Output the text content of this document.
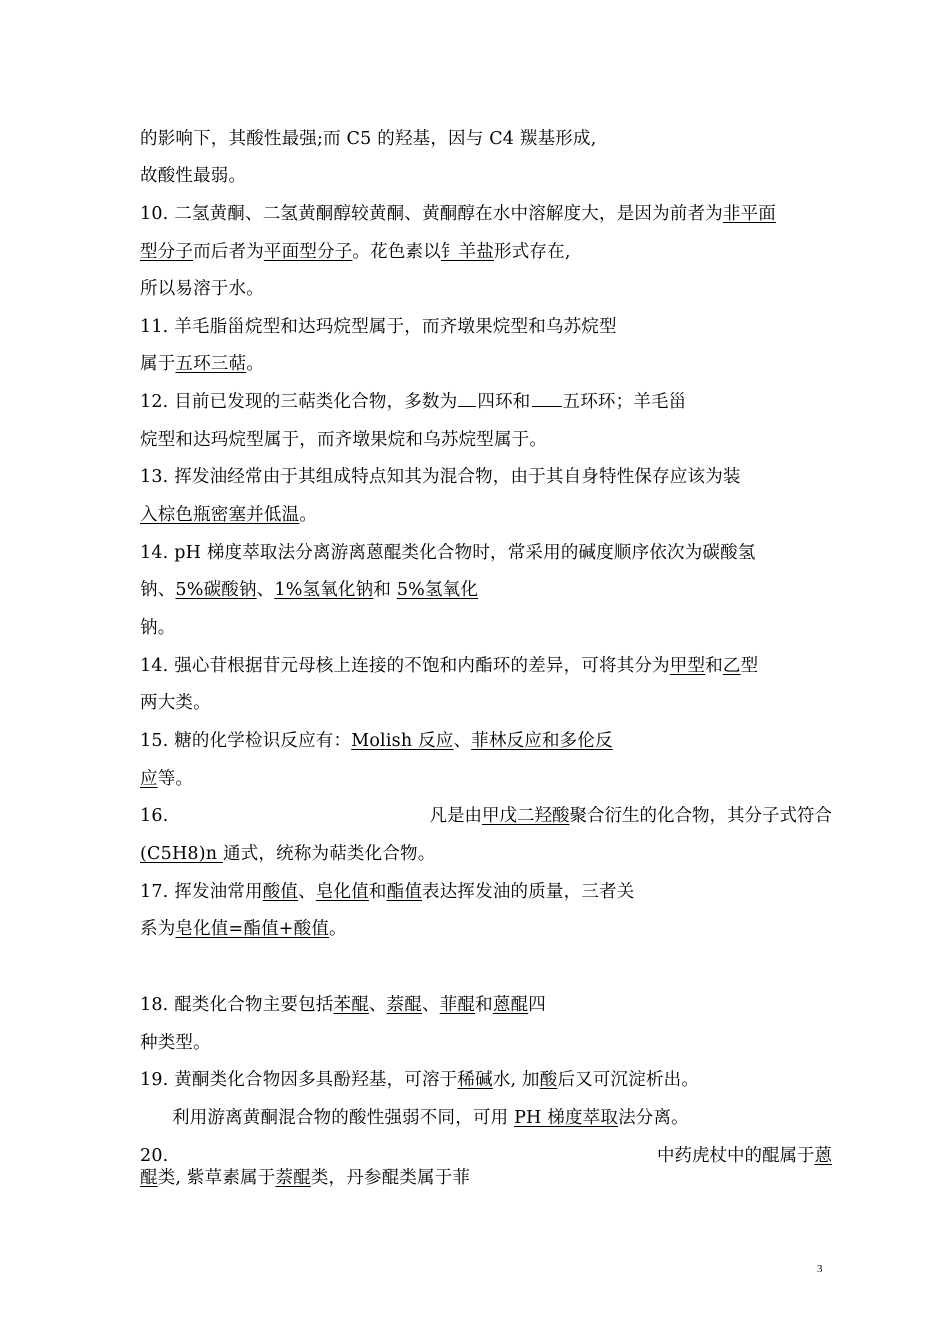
的影响下，其酸性最强;而 C5 的羟基，因与 C4 羰基形成,
故酸性最弱。
10. 二氢黄酮、二氢黄酮醇较黄酮、黄酮醇在水中溶解度大，是因为前者为非平面
型分子而后者为平面型分子。花色素以钅羊盐形式存在,
所以易溶于水。
11. 羊毛脂甾烷型和达玛烷型属于，而齐墩果烷型和乌苏烷型
属于五环三萜。
12. 目前已发现的三萜类化合物，多数为 四环和 五环环；羊毛甾
烷型和达玛烷型属于，而齐墩果烷和乌苏烷型属于。
13. 挥发油经常由于其组成特点知其为混合物，由于其自身特性保存应该为装
入棕色瓶密塞并低温。
14. pH 梯度萃取法分离游离蒽醌类化合物时，常采用的碱度顺序依次为碳酸氢
钠、5%碳酸钠、1%氢氧化钠和 5%氢氧化
钠。
14. 强心苷根据苷元母核上连接的不饱和内酯环的差异，可将其分为甲型和乙型
两大类。
15. 糖的化学检识反应有：Molish 反应、菲林反应和多伦反
应等。
16.	凡是由甲戊二羟酸聚合衍生的化合物，其分子式符合
(C5H8)n 通式，统称为萜类化合物。
17. 挥发油常用酸值、皂化值和酯值表达挥发油的质量，三者关
系为皂化值=酯值+酸值。
18. 醌类化合物主要包括苯醌、萘醌、菲醌和蒽醌四
种类型。
19. 黄酮类化合物因多具酚羟基，可溶于稀碱水, 加酸后又可沉淀析出。
利用游离黄酮混合物的酸性强弱不同，可用 PH 梯度萃取法分离。
20.	中药虎杖中的醌属于蒽
醌类, 紫草素属于萘醌类，丹参醌类属于菲
3
